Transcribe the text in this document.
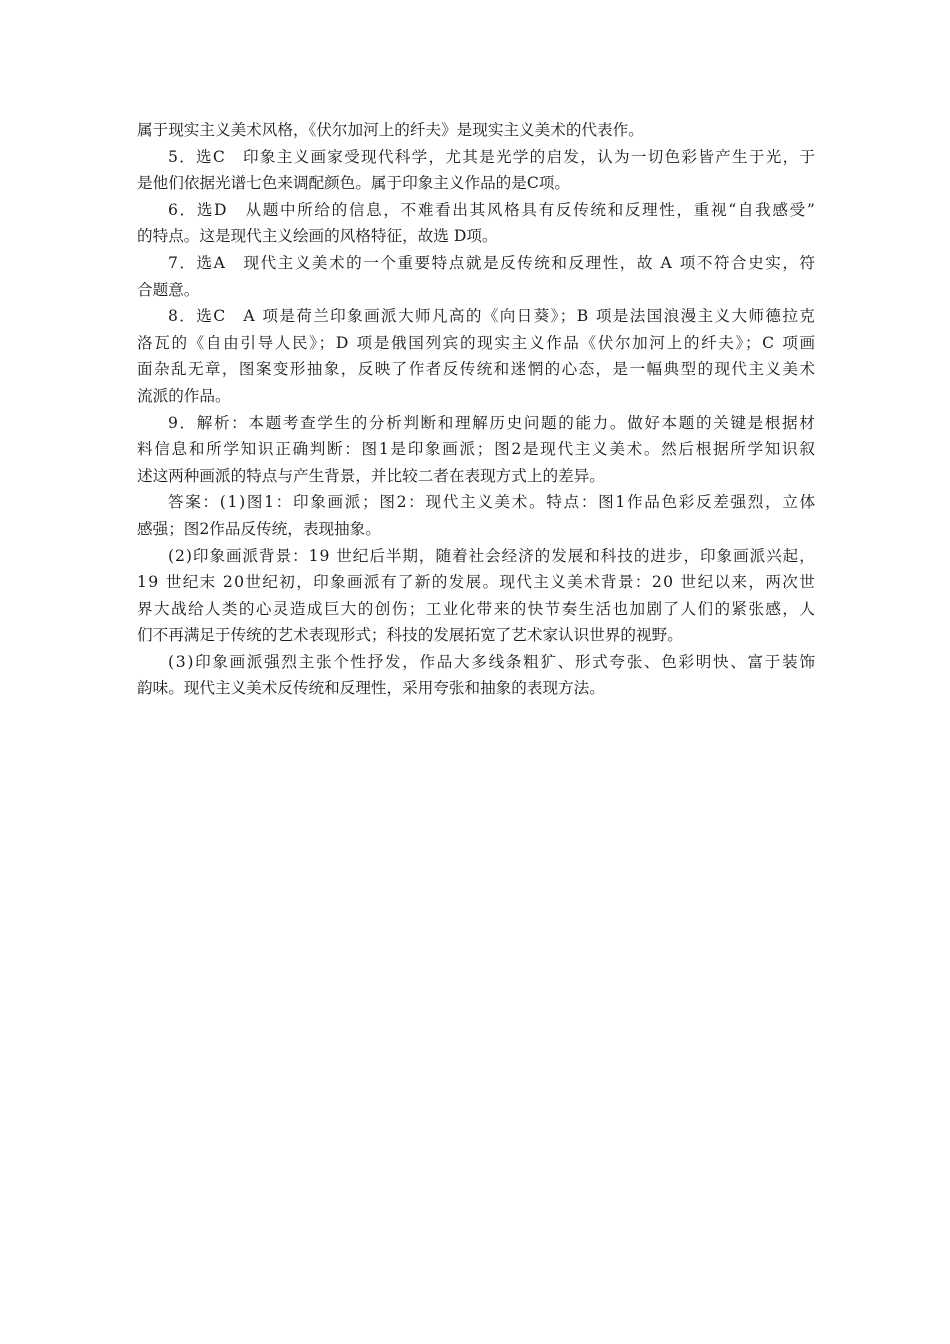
属于现实主义美术风格，《伏尔加河上的纤夫》是现实主义美术的代表作。
5．选C　印象主义画家受现代科学，尤其是光学的启发，认为一切色彩皆产生于光，于
是他们依据光谱七色来调配颜色。属于印象主义作品的是C项。
6．选D　从题中所给的信息，不难看出其风格具有反传统和反理性，重视“自我感受”
的特点。这是现代主义绘画的风格特征，故选 D项。
7．选A　现代主义美术的一个重要特点就是反传统和反理性，故 A 项不符合史实，符
合题意。
8．选C　A 项是荷兰印象画派大师凡高的《向日葵》；B 项是法国浪漫主义大师德拉克
洛瓦的《自由引导人民》；D 项是俄国列宾的现实主义作品《伏尔加河上的纤夫》；C 项画
面杂乱无章，图案变形抽象，反映了作者反传统和迷惘的心态，是一幅典型的现代主义美术
流派的作品。
9．解析：本题考查学生的分析判断和理解历史问题的能力。做好本题的关键是根据材
料信息和所学知识正确判断：图1是印象画派；图2是现代主义美术。然后根据所学知识叙
述这两种画派的特点与产生背景，并比较二者在表现方式上的差异。
答案：(1)图1：印象画派；图2：现代主义美术。特点：图1作品色彩反差强烈，立体
感强；图2作品反传统，表现抽象。
(2)印象画派背景：19 世纪后半期，随着社会经济的发展和科技的进步，印象画派兴起，
19 世纪末 20世纪初，印象画派有了新的发展。现代主义美术背景：20 世纪以来，两次世
界大战给人类的心灵造成巨大的创伤；工业化带来的快节奏生活也加剧了人们的紧张感，人
们不再满足于传统的艺术表现形式；科技的发展拓宽了艺术家认识世界的视野。
(3)印象画派强烈主张个性抒发，作品大多线条粗犷、形式夸张、色彩明快、富于装饰
韵味。现代主义美术反传统和反理性，采用夸张和抽象的表现方法。
